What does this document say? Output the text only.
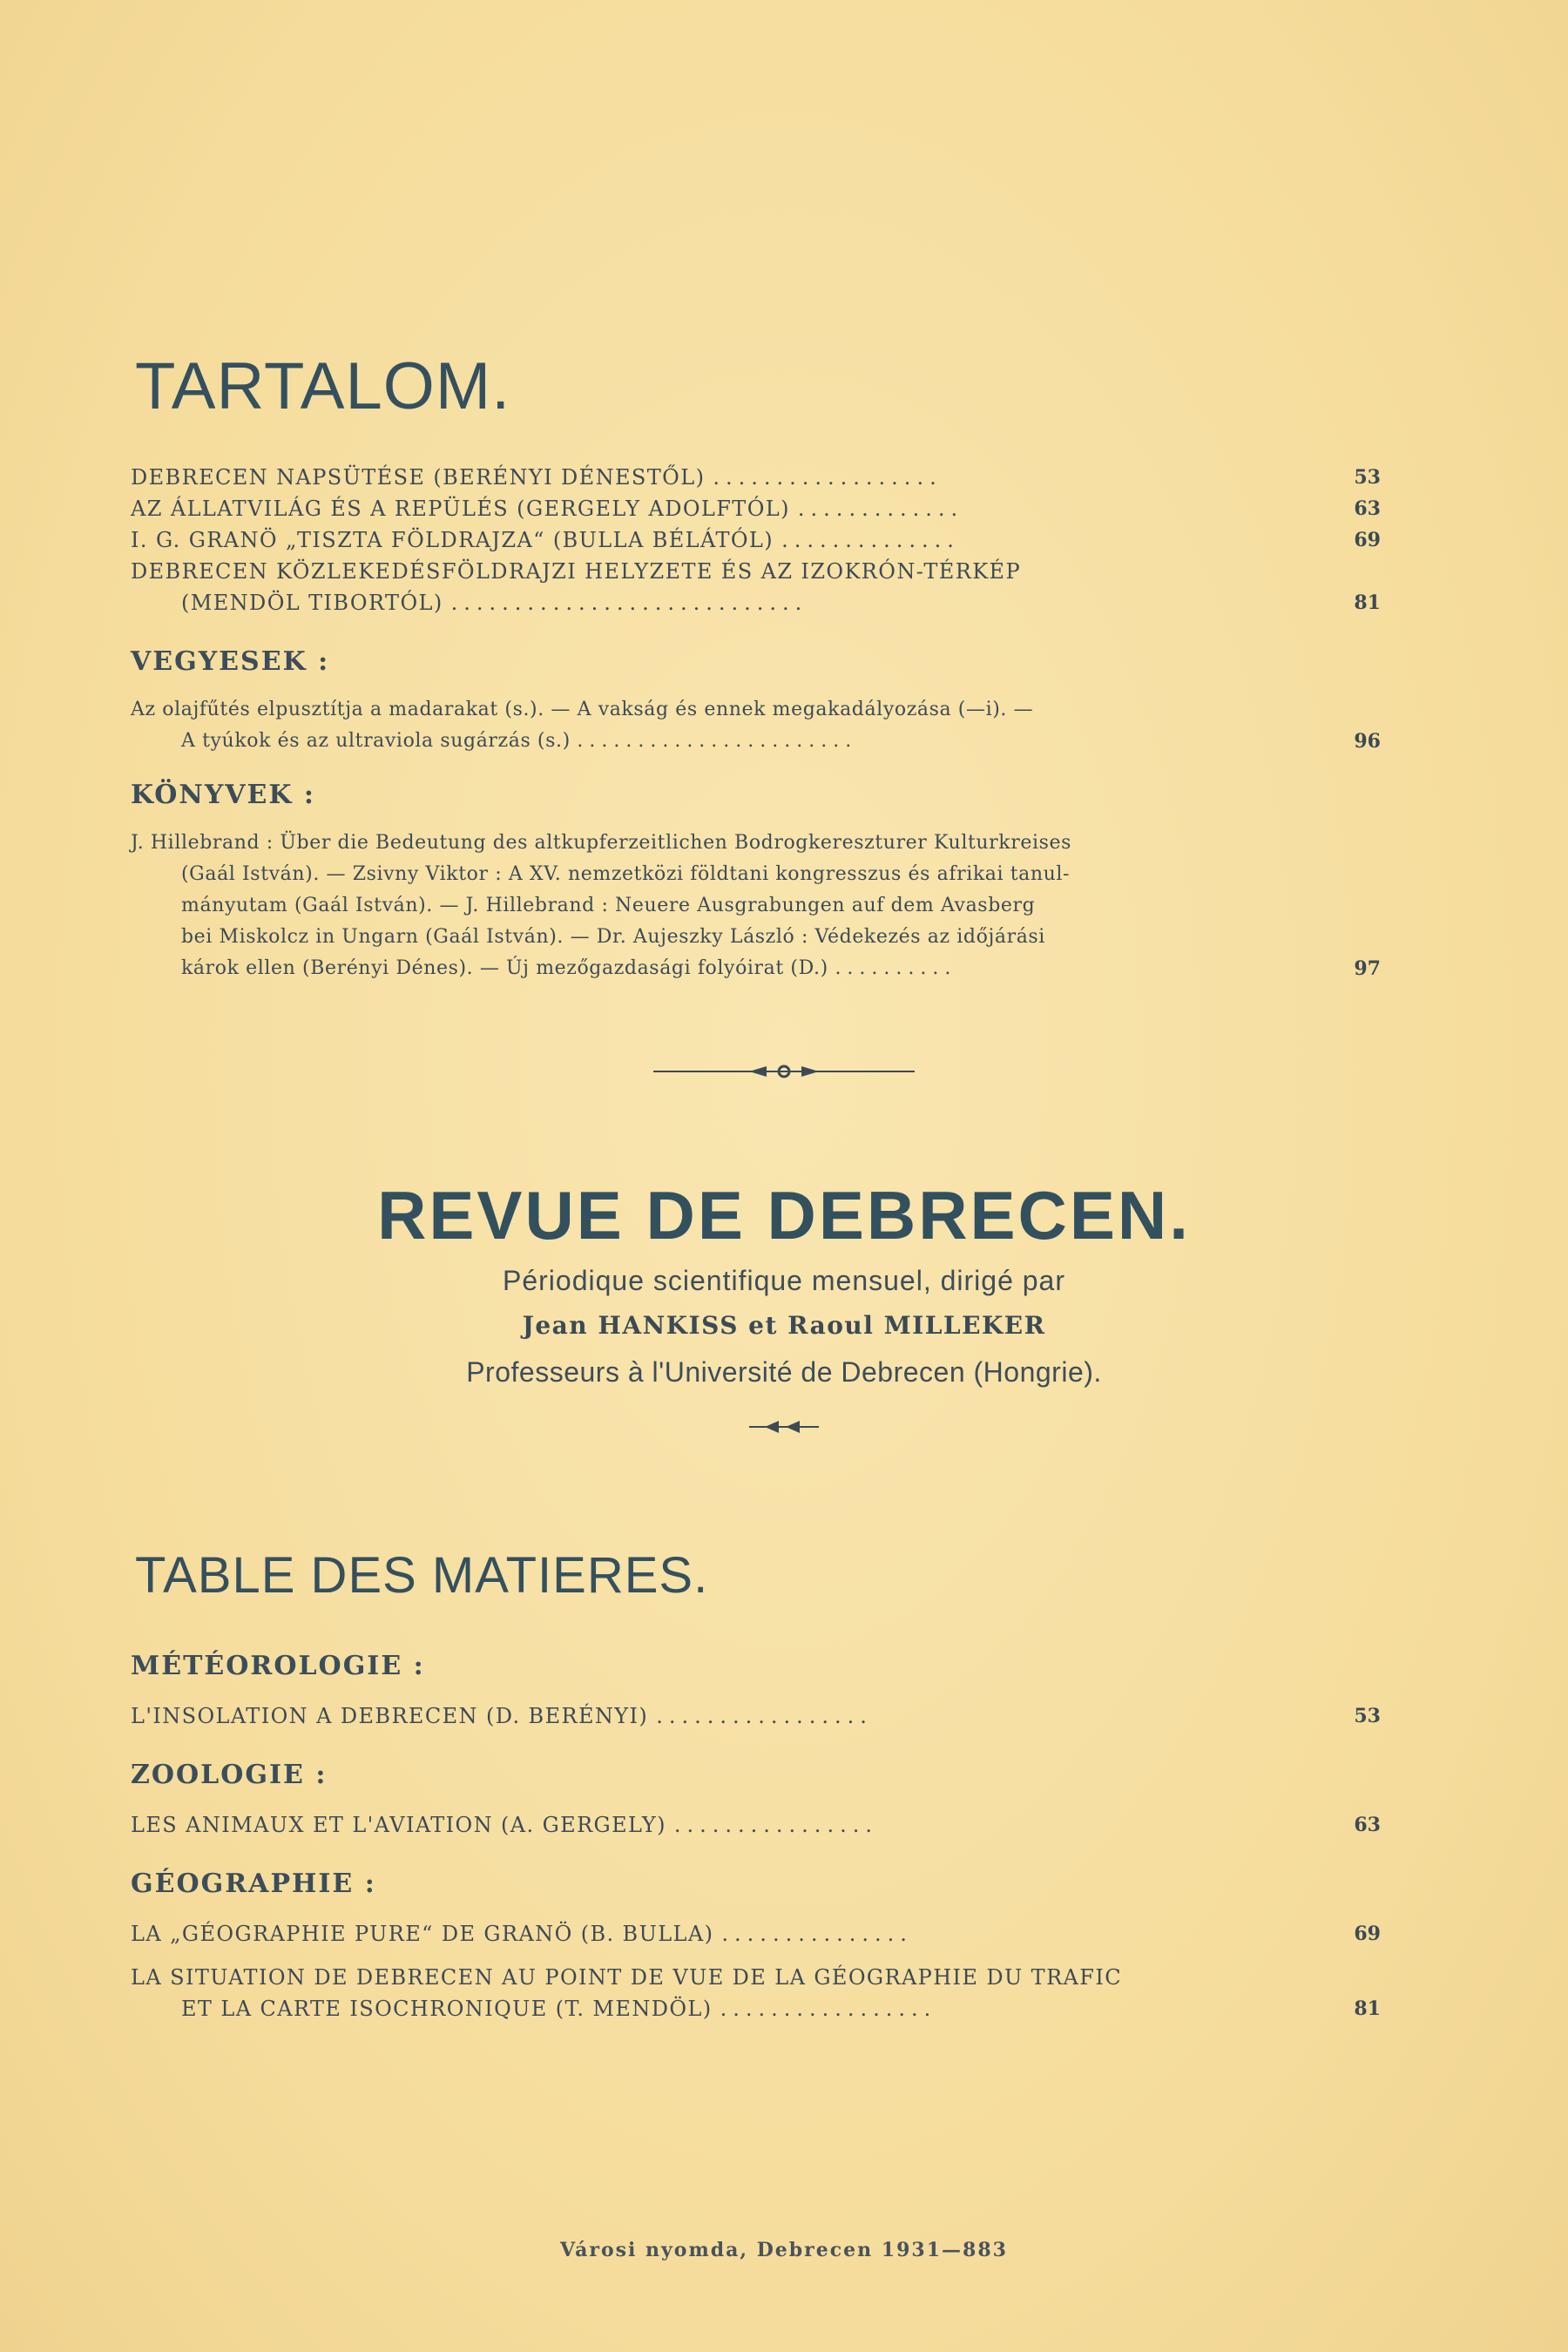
TARTALOM.
DEBRECEN NAPSÜTÉSE (BERÉNYI DÉNESTŐL) ..................	53
AZ ÁLLATVILÁG ÉS A REPÜLÉS (GERGELY ADOLFTÓL) .............	63
I. G. GRANÖ „TISZTA FÖLDRAJZA“ (BULLA BÉLÁTÓL) ..............	69
DEBRECEN KÖZLEKEDÉSFÖLDRAJZI HELYZETE ÉS AZ IZOKRÓN-TÉRKÉP
(MENDÖL TIBORTÓL) ............................	81

VEGYESEK :

Az olajfűtés elpusztítja a madarakat (s.). — A vakság és ennek megakadályozása (—i). —
A tyúkok és az ultraviola sugárzás (s.) .......................	96

KÖNYVEK :

J. Hillebrand : Über die Bedeutung des altkupferzeitlichen Bodrogkereszturer Kulturkreises
(Gaál István). — Zsivny Viktor : A XV. nemzetközi földtani kongresszus és afrikai tanul-
mányutam (Gaál István). — J. Hillebrand : Neuere Ausgrabungen auf dem Avasberg
bei Miskolcz in Ungarn (Gaál István). — Dr. Aujeszky László : Védekezés az időjárási
károk ellen (Berényi Dénes). — Új mezőgazdasági folyóirat (D.) ..........	97
REVUE DE DEBRECEN.
Périodique scientifique mensuel, dirigé par
Jean HANKISS et Raoul MILLEKER
Professeurs à l'Université de Debrecen (Hongrie).
TABLE DES MATIERES.

MÉTÉOROLOGIE :

L'INSOLATION A DEBRECEN (D. BERÉNYI) .................	53

ZOOLOGIE :

LES ANIMAUX ET L'AVIATION (A. GERGELY) ................	63

GÉOGRAPHIE :

LA „GÉOGRAPHIE PURE“ DE GRANÖ (B. BULLA) ...............	69
LA SITUATION DE DEBRECEN AU POINT DE VUE DE LA GÉOGRAPHIE DU TRAFIC
ET LA CARTE ISOCHRONIQUE (T. MENDÖL) .................	81
Városi nyomda, Debrecen 1931—883
